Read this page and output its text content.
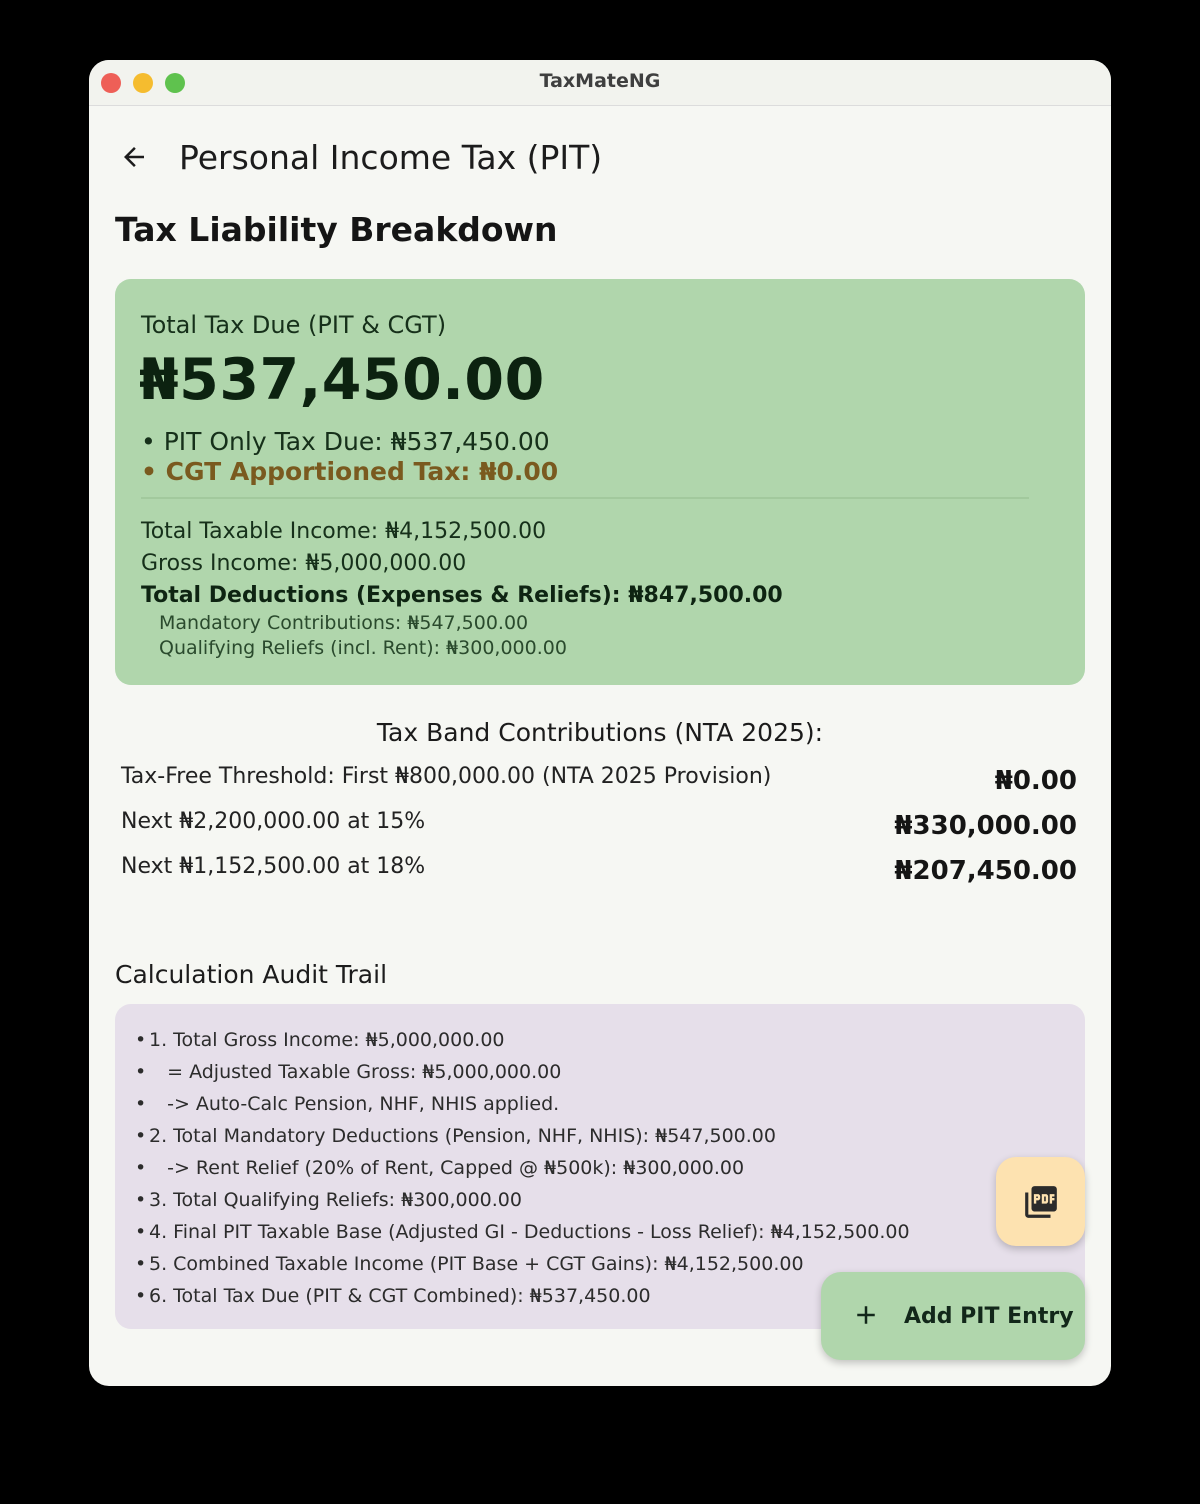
TaxMateNG
Personal Income Tax (PIT)
Tax Liability Breakdown
Total Tax Due (PIT & CGT)
₦537,450.00
• PIT Only Tax Due: ₦537,450.00
• CGT Apportioned Tax: ₦0.00
Total Taxable Income: ₦4,152,500.00
Gross Income: ₦5,000,000.00
Total Deductions (Expenses & Reliefs): ₦847,500.00
Mandatory Contributions: ₦547,500.00
Qualifying Reliefs (incl. Rent): ₦300,000.00
Tax Band Contributions (NTA 2025):
Tax-Free Threshold: First ₦800,000.00 (NTA 2025 Provision)	₦0.00
Next ₦2,200,000.00 at 15%	₦330,000.00
Next ₦1,152,500.00 at 18%	₦207,450.00
Calculation Audit Trail
• 1. Total Gross Income: ₦5,000,000.00
•   = Adjusted Taxable Gross: ₦5,000,000.00
•   -> Auto-Calc Pension, NHF, NHIS applied.
• 2. Total Mandatory Deductions (Pension, NHF, NHIS): ₦547,500.00
•   -> Rent Relief (20% of Rent, Capped @ ₦500k): ₦300,000.00
• 3. Total Qualifying Reliefs: ₦300,000.00
• 4. Final PIT Taxable Base (Adjusted GI - Deductions - Loss Relief): ₦4,152,500.00
• 5. Combined Taxable Income (PIT Base + CGT Gains): ₦4,152,500.00
• 6. Total Tax Due (PIT & CGT Combined): ₦537,450.00
Add PIT Entry
